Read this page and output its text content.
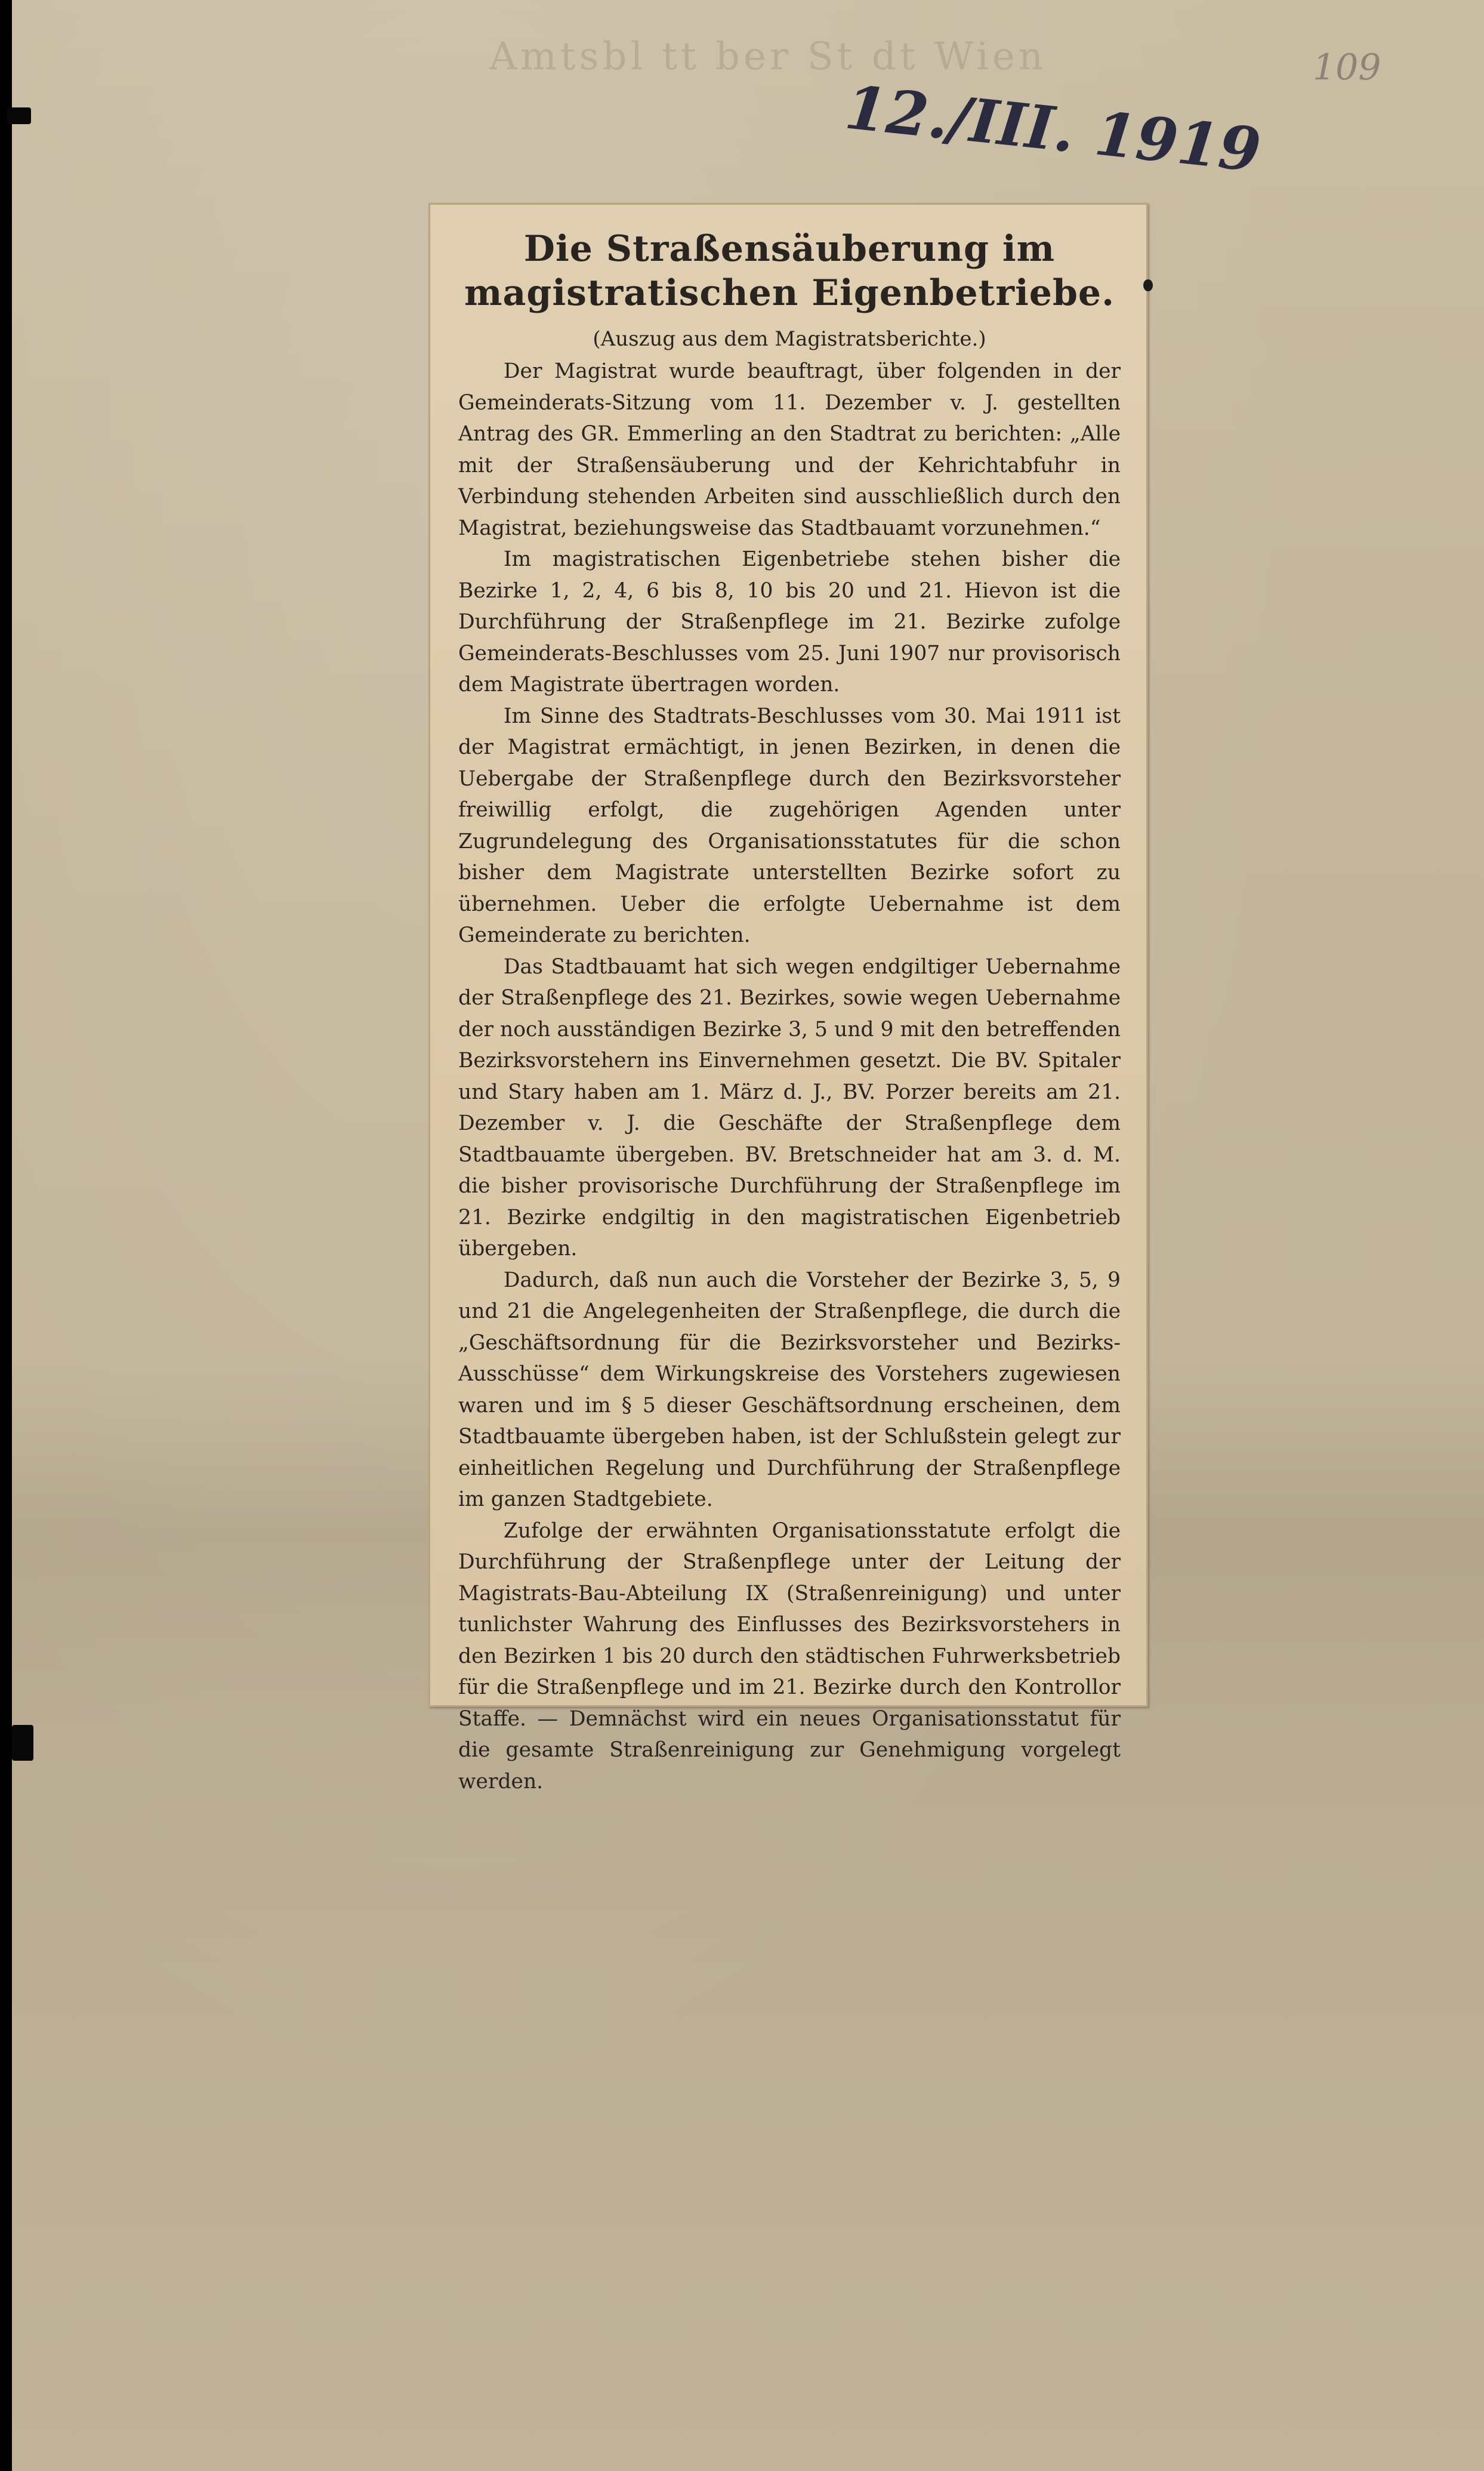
Amtsbl tt ber St dt Wien
12./III. 1919
109
Die Straßensäuberung im magistratischen Eigenbetriebe.
(Auszug aus dem Magistratsberichte.)

Der Magistrat wurde beauftragt, über folgenden in der Gemeinderats-Sitzung vom 11. Dezember v. J. gestellten Antrag des GR. Emmerling an den Stadtrat zu berichten: „Alle mit der Straßensäuberung und der Kehrichtabfuhr in Verbindung stehenden Arbeiten sind ausschließlich durch den Magistrat, beziehungsweise das Stadtbauamt vorzunehmen.“

Im magistratischen Eigenbetriebe stehen bisher die Bezirke 1, 2, 4, 6 bis 8, 10 bis 20 und 21. Hievon ist die Durchführung der Straßenpflege im 21. Bezirke zufolge Gemeinderats-Beschlusses vom 25. Juni 1907 nur provisorisch dem Magistrate übertragen worden.

Im Sinne des Stadtrats-Beschlusses vom 30. Mai 1911 ist der Magistrat ermächtigt, in jenen Bezirken, in denen die Uebergabe der Straßenpflege durch den Bezirksvorsteher freiwillig erfolgt, die zugehörigen Agenden unter Zugrundelegung des Organisationsstatutes für die schon bisher dem Magistrate unterstellten Bezirke sofort zu übernehmen. Ueber die erfolgte Uebernahme ist dem Gemeinderate zu berichten.

Das Stadtbauamt hat sich wegen endgiltiger Uebernahme der Straßenpflege des 21. Bezirkes, sowie wegen Uebernahme der noch ausständigen Bezirke 3, 5 und 9 mit den betreffenden Bezirksvorstehern ins Einvernehmen gesetzt. Die BV. Spitaler und Stary haben am 1. März d. J., BV. Porzer bereits am 21. Dezember v. J. die Geschäfte der Straßenpflege dem Stadtbauamte übergeben. BV. Bretschneider hat am 3. d. M. die bisher provisorische Durchführung der Straßenpflege im 21. Bezirke endgiltig in den magistratischen Eigenbetrieb übergeben.

Dadurch, daß nun auch die Vorsteher der Bezirke 3, 5, 9 und 21 die Angelegenheiten der Straßenpflege, die durch die „Geschäftsordnung für die Bezirksvorsteher und Bezirks-Ausschüsse“ dem Wirkungskreise des Vorstehers zugewiesen waren und im § 5 dieser Geschäftsordnung erscheinen, dem Stadtbauamte übergeben haben, ist der Schlußstein gelegt zur einheitlichen Regelung und Durchführung der Straßenpflege im ganzen Stadtgebiete.

Zufolge der erwähnten Organisationsstatute erfolgt die Durchführung der Straßenpflege unter der Leitung der Magistrats-Bau-Abteilung IX (Straßenreinigung) und unter tunlichster Wahrung des Einflusses des Bezirksvorstehers in den Bezirken 1 bis 20 durch den städtischen Fuhrwerksbetrieb für die Straßenpflege und im 21. Bezirke durch den Kontrollor Staffe. — Demnächst wird ein neues Organisationsstatut für die gesamte Straßenreinigung zur Genehmigung vorgelegt werden.
